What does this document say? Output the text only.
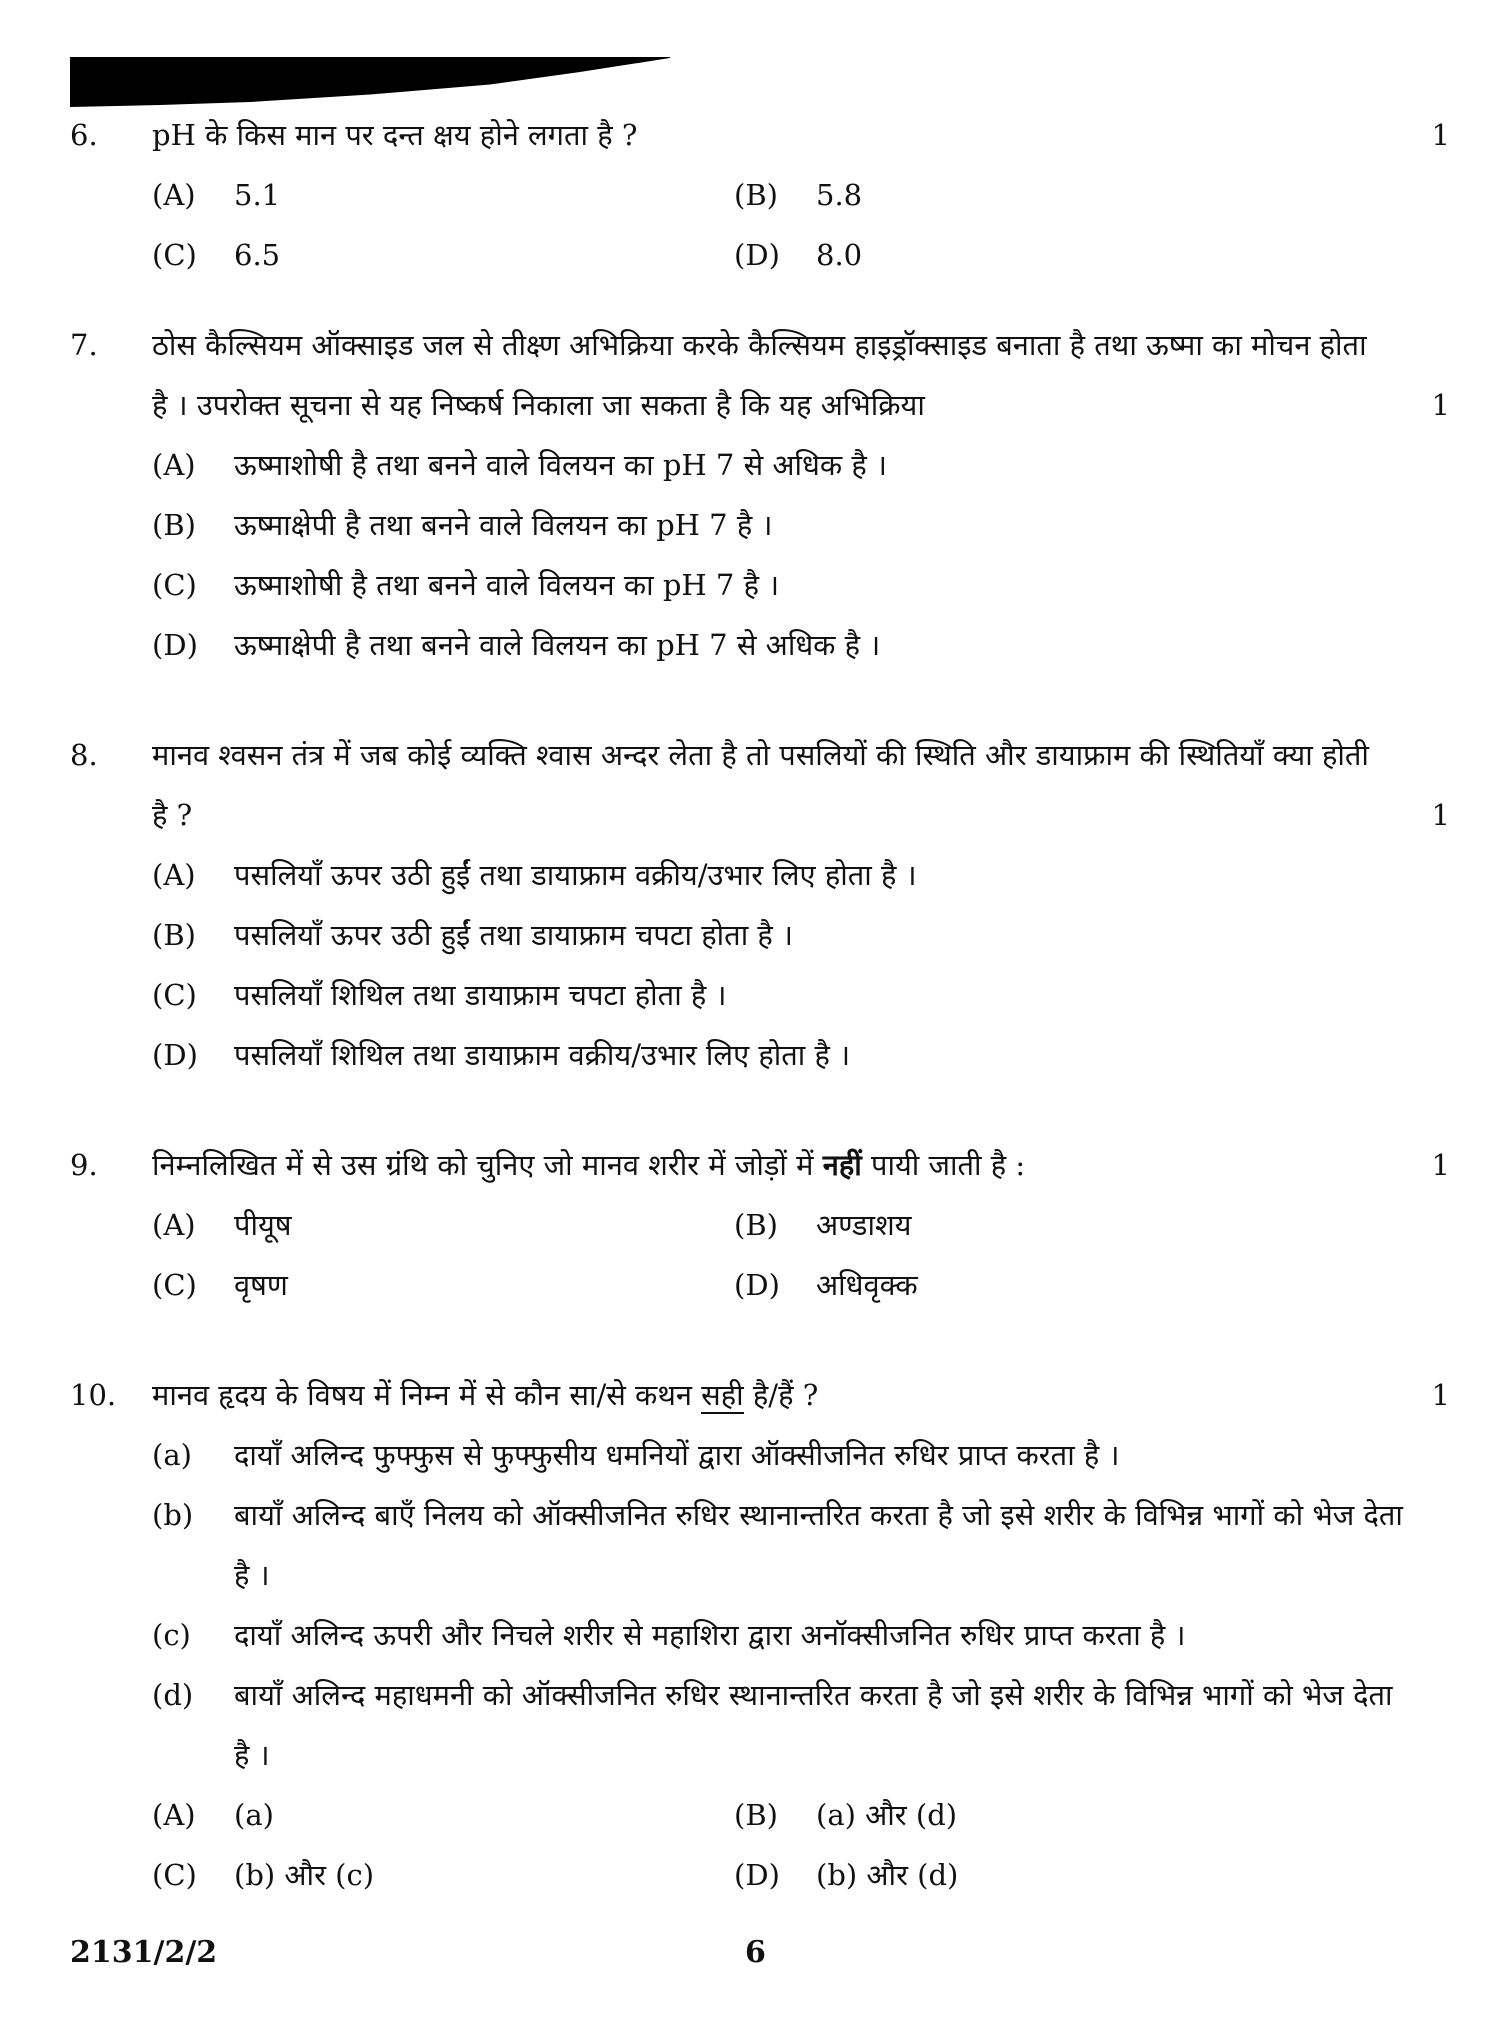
6.	pH के किस मान पर दन्त क्षय होने लगता है ?	1
(A)	5.1	(B)	5.8
(C)	6.5	(D)	8.0
7.	ठोस कैल्सियम ऑक्साइड जल से तीक्ष्ण अभिक्रिया करके कैल्सियम हाइड्रॉक्साइड बनाता है तथा ऊष्मा का मोचन होता है । उपरोक्त सूचना से यह निष्कर्ष निकाला जा सकता है कि यह अभिक्रिया	1
(A)	ऊष्माशोषी है तथा बनने वाले विलयन का pH 7 से अधिक है ।
(B)	ऊष्माक्षेपी है तथा बनने वाले विलयन का pH 7 है ।
(C)	ऊष्माशोषी है तथा बनने वाले विलयन का pH 7 है ।
(D)	ऊष्माक्षेपी है तथा बनने वाले विलयन का pH 7 से अधिक है ।
8.	मानव श्वसन तंत्र में जब कोई व्यक्ति श्वास अन्दर लेता है तो पसलियों की स्थिति और डायाफ्राम की स्थितियाँ क्या होती है ?	1
(A)	पसलियाँ ऊपर उठी हुईं तथा डायाफ्राम वक्रीय/उभार लिए होता है ।
(B)	पसलियाँ ऊपर उठी हुईं तथा डायाफ्राम चपटा होता है ।
(C)	पसलियाँ शिथिल तथा डायाफ्राम चपटा होता है ।
(D)	पसलियाँ शिथिल तथा डायाफ्राम वक्रीय/उभार लिए होता है ।
9.	निम्नलिखित में से उस ग्रंथि को चुनिए जो मानव शरीर में जोड़ों में नहीं पायी जाती है :	1
(A)	पीयूष	(B)	अण्डाशय
(C)	वृषण	(D)	अधिवृक्क
10.	मानव हृदय के विषय में निम्न में से कौन सा/से कथन सही है/हैं ?	1
(a)	दायाँ अलिन्द फुफ्फुस से फुफ्फुसीय धमनियों द्वारा ऑक्सीजनित रुधिर प्राप्त करता है ।
(b)	बायाँ अलिन्द बाएँ निलय को ऑक्सीजनित रुधिर स्थानान्तरित करता है जो इसे शरीर के विभिन्न भागों को भेज देता है ।
(c)	दायाँ अलिन्द ऊपरी और निचले शरीर से महाशिरा द्वारा अनॉक्सीजनित रुधिर प्राप्त करता है ।
(d)	बायाँ अलिन्द महाधमनी को ऑक्सीजनित रुधिर स्थानान्तरित करता है जो इसे शरीर के विभिन्न भागों को भेज देता है ।
(A)	(a)	(B)	(a) और (d)
(C)	(b) और (c)	(D)	(b) और (d)
2131/2/2	6
